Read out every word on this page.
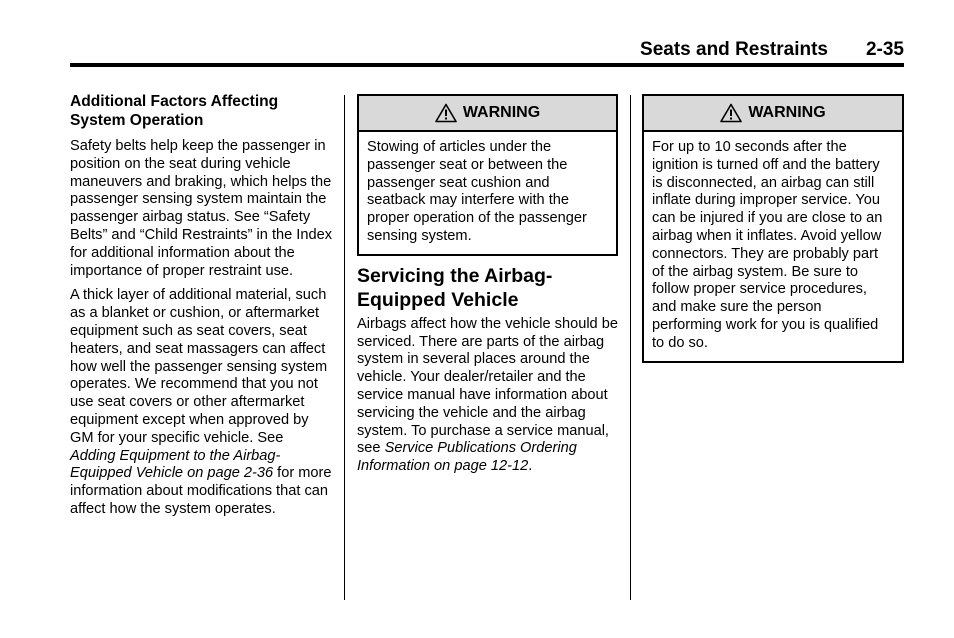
Seats and Restraints 2-35

Additional Factors Affecting System Operation

Safety belts help keep the passenger in position on the seat during vehicle maneuvers and braking, which helps the passenger sensing system maintain the passenger airbag status. See “Safety Belts” and “Child Restraints” in the Index for additional information about the importance of proper restraint use.

A thick layer of additional material, such as a blanket or cushion, or aftermarket equipment such as seat covers, seat heaters, and seat massagers can affect how well the passenger sensing system operates. We recommend that you not use seat covers or other aftermarket equipment except when approved by GM for your specific vehicle. See Adding Equipment to the Airbag-Equipped Vehicle on page 2-36 for more information about modifications that can affect how the system operates.

WARNING

Stowing of articles under the passenger seat or between the passenger seat cushion and seatback may interfere with the proper operation of the passenger sensing system.

Servicing the Airbag-Equipped Vehicle

Airbags affect how the vehicle should be serviced. There are parts of the airbag system in several places around the vehicle. Your dealer/retailer and the service manual have information about servicing the vehicle and the airbag system. To purchase a service manual, see Service Publications Ordering Information on page 12-12.

WARNING

For up to 10 seconds after the ignition is turned off and the battery is disconnected, an airbag can still inflate during improper service. You can be injured if you are close to an airbag when it inflates. Avoid yellow connectors. They are probably part of the airbag system. Be sure to follow proper service procedures, and make sure the person performing work for you is qualified to do so.
